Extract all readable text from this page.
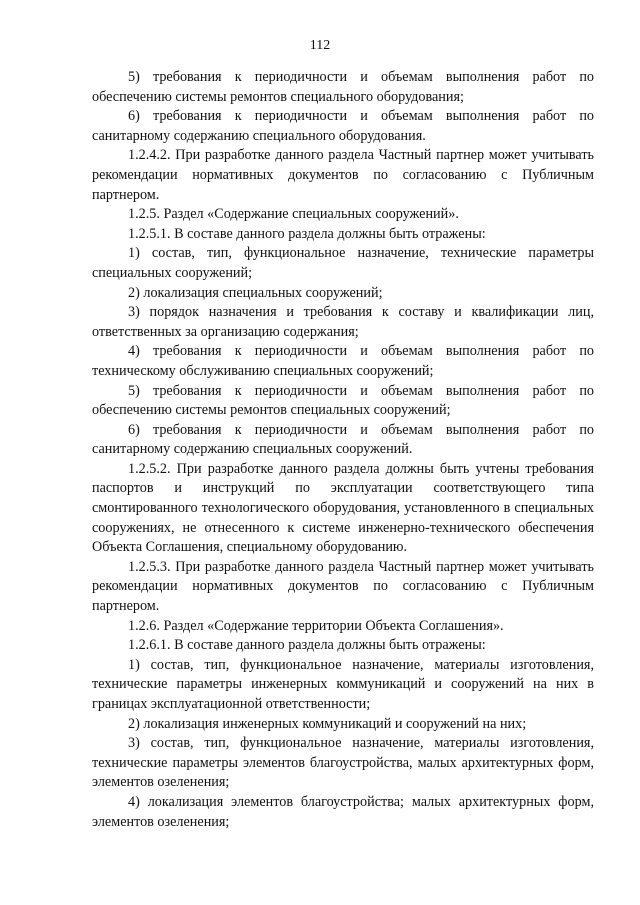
112

5) требования к периодичности и объемам выполнения работ по обеспечению системы ремонтов специального оборудования;

6) требования к периодичности и объемам выполнения работ по санитарному содержанию специального оборудования.

1.2.4.2. При разработке данного раздела Частный партнер может учитывать рекомендации нормативных документов по согласованию с Публичным партнером.

1.2.5. Раздел «Содержание специальных сооружений».

1.2.5.1. В составе данного раздела должны быть отражены:

1) состав, тип, функциональное назначение, технические параметры специальных сооружений;

2) локализация специальных сооружений;

3) порядок назначения и требования к составу и квалификации лиц, ответственных за организацию содержания;

4) требования к периодичности и объемам выполнения работ по техническому обслуживанию специальных сооружений;

5) требования к периодичности и объемам выполнения работ по обеспечению системы ремонтов специальных сооружений;

6) требования к периодичности и объемам выполнения работ по санитарному содержанию специальных сооружений.

1.2.5.2. При разработке данного раздела должны быть учтены требования паспортов и инструкций по эксплуатации соответствующего типа смонтированного технологического оборудования, установленного в специальных сооружениях, не отнесенного к системе инженерно-технического обеспечения Объекта Соглашения, специальному оборудованию.

1.2.5.3. При разработке данного раздела Частный партнер может учитывать рекомендации нормативных документов по согласованию с Публичным партнером.

1.2.6. Раздел «Содержание территории Объекта Соглашения».

1.2.6.1. В составе данного раздела должны быть отражены:

1) состав, тип, функциональное назначение, материалы изготовления, технические параметры инженерных коммуникаций и сооружений на них в границах эксплуатационной ответственности;

2) локализация инженерных коммуникаций и сооружений на них;

3) состав, тип, функциональное назначение, материалы изготовления, технические параметры элементов благоустройства, малых архитектурных форм, элементов озеленения;

4) локализация элементов благоустройства; малых архитектурных форм, элементов озеленения;
